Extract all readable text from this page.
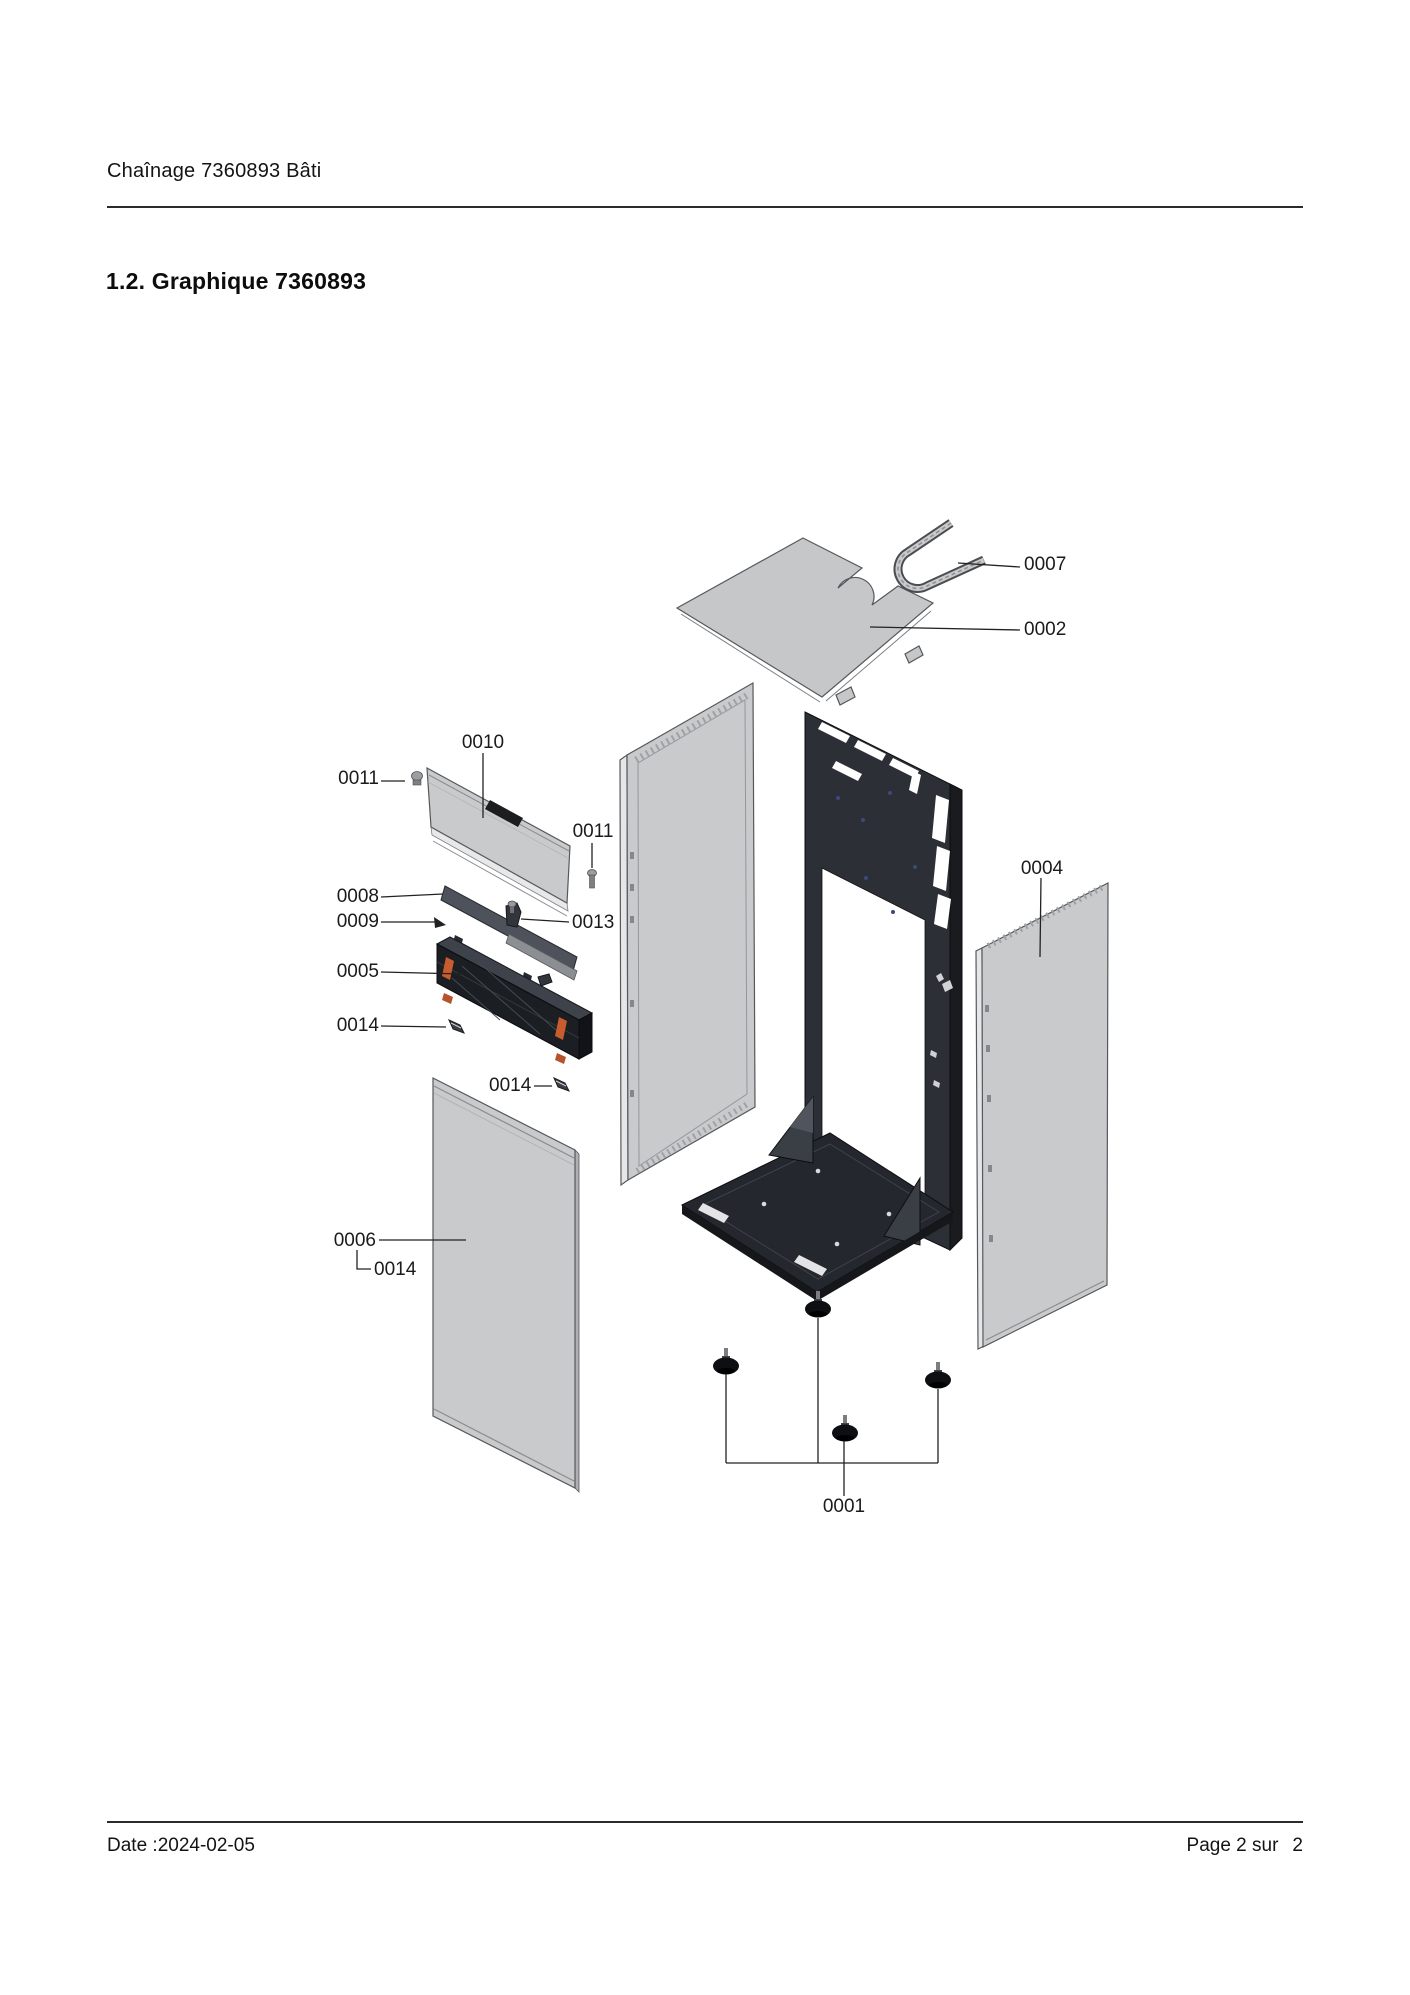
Chaînage 7360893 Bâti
1.2. Graphique 7360893
0007
0002
0010
0011
0011
0004
0008
0009	0013
0005
0014
0014
0006
0014
0001
Date :2024-02-05	Page 2 sur 2
